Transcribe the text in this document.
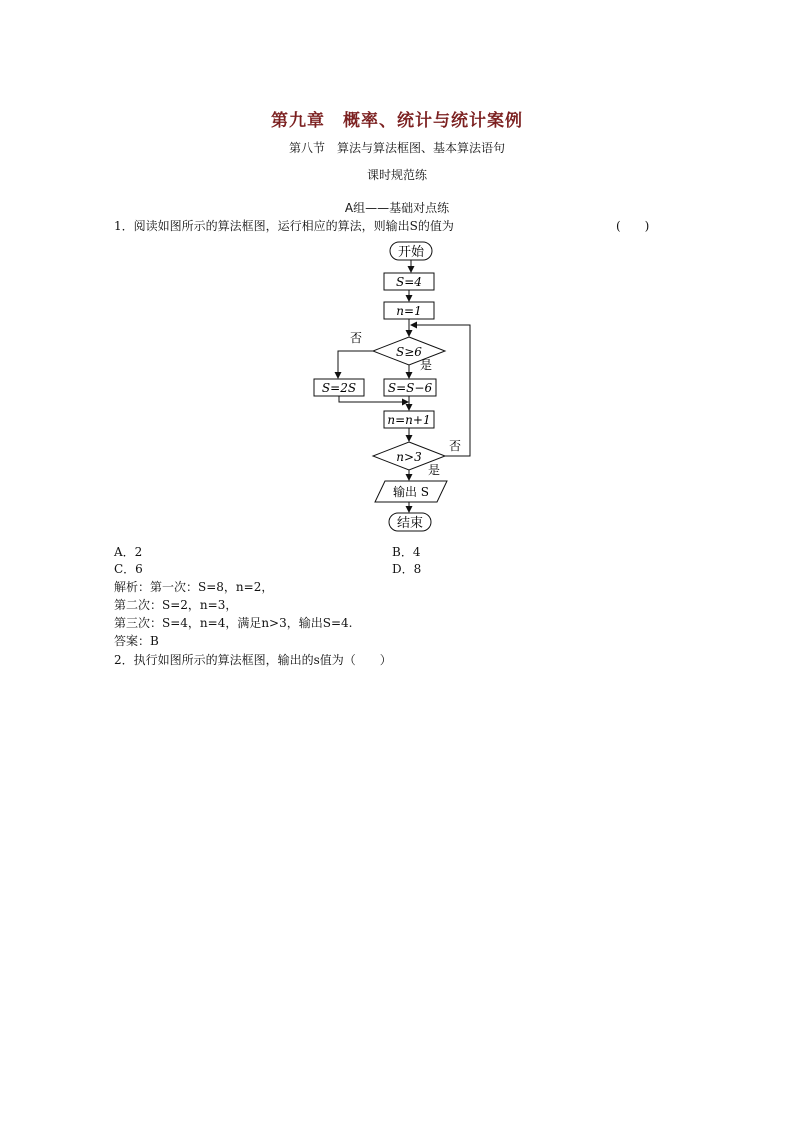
第九章　概率、统计与统计案例
第八节　算法与算法框图、基本算法语句
课时规范练
A组——基础对点练
1．阅读如图所示的算法框图，运行相应的算法，则输出S的值为	(　　)
开始
S=4
n=1
S≥6
否
是
S=2S	S=S−6
n=n+1
n>3
否
是
输出 S
结束
A．2	B．4
C．6	D．8
解析：第一次：S=8，n=2，
第二次：S=2，n=3，
第三次：S=4，n=4，满足n>3，输出S=4.
答案：B
2．执行如图所示的算法框图，输出的s值为（　　）
